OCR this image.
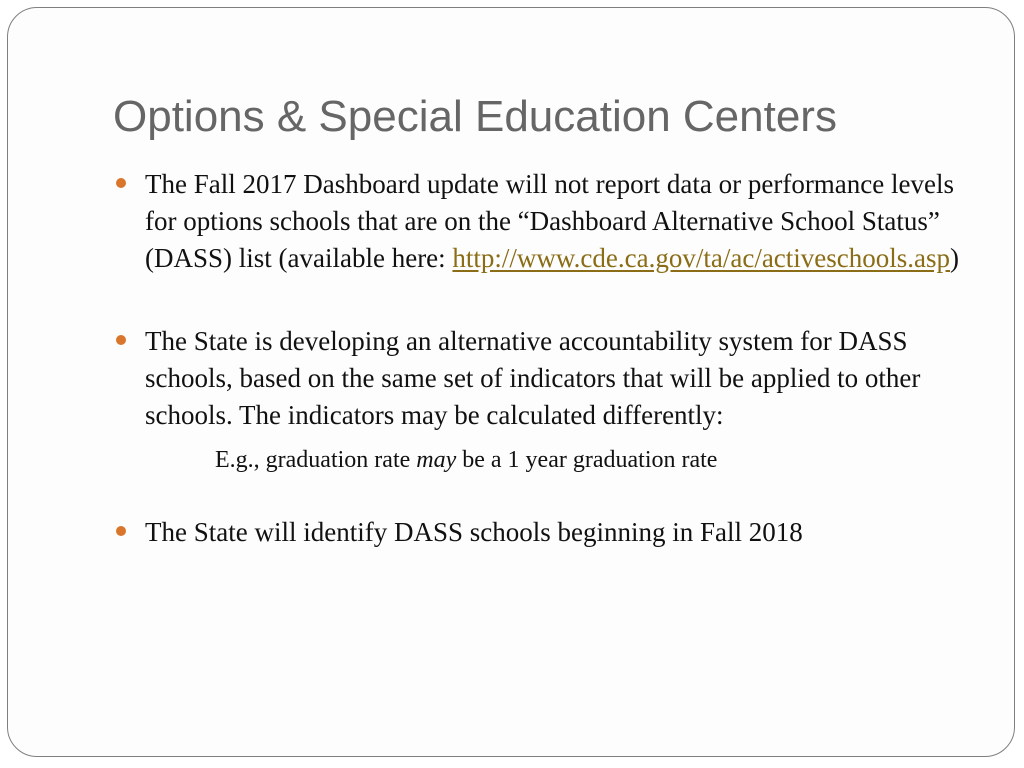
Options & Special Education Centers
The Fall 2017 Dashboard update will not report data or performance levels for options schools that are on the “Dashboard Alternative School Status” (DASS) list (available here: http://www.cde.ca.gov/ta/ac/activeschools.asp)
The State is developing an alternative accountability system for DASS schools, based on the same set of indicators that will be applied to other schools. The indicators may be calculated differently:
E.g., graduation rate may be a 1 year graduation rate
The State will identify DASS schools beginning in Fall 2018
